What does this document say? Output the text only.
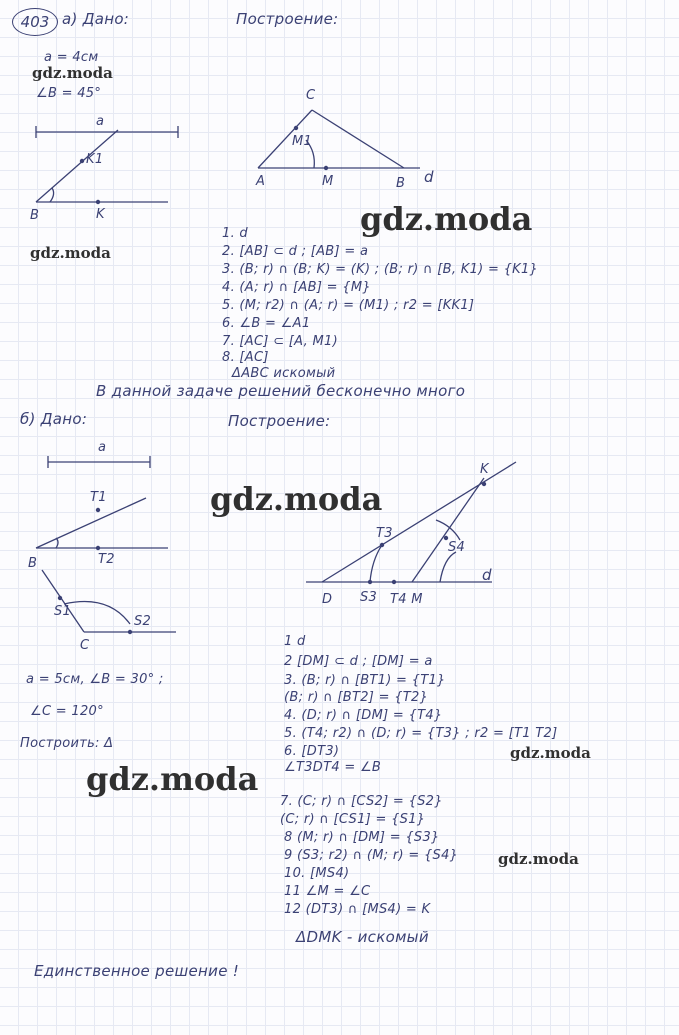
403 а) Дано:	Построение:
a = 4см
∠B = 45°
a
K1
B	K
C
M1
A	M	B d
1. d
2. [AB] ⊂ d ; [AB] = a
3. (B; r) ∩ (B; K) = (K) ; (B; r) ∩ [B, K1) = {K1}
4. (A; r) ∩ [AB] = {M}
5. (M; r2) ∩ (A; r) = (M1) ; r2 = [KK1]
6. ∠B = ∠A1
7. [AC] ⊂ [A, M1)
8. [AC]
ΔABC искомый
В данной задаче решений бесконечно много
б) Дано:	Построение:
a
T1
T2
B
S1
C
S2
K
T3
S4
D S3 T4 M
d
a = 5см, ∠B = 30° ;
∠C = 120°
Построить: Δ
1 d
2 [DM] ⊂ d ; [DM] = a
3. (B; r) ∩ [BT1) = {T1}
(B; r) ∩ [BT2] = {T2}
4. (D; r) ∩ [DM] = {T4}
5. (T4; r2) ∩ (D; r) = {T3} ; r2 = [T1 T2]
6. [DT3)
∠T3DT4 = ∠B
7. (C; r) ∩ [CS2] = {S2}
(C; r) ∩ [CS1] = {S1}
8 (M; r) ∩ [DM] = {S3}
9 (S3; r2) ∩ (M; r) = {S4}
10. [MS4)
11 ∠M = ∠C
12 (DT3) ∩ [MS4) = K
ΔDMK - искомый
Единственное решение !
gdz.moda
gdz.moda
gdz.moda
gdz.moda
gdz.moda
gdz.moda
gdz.moda
